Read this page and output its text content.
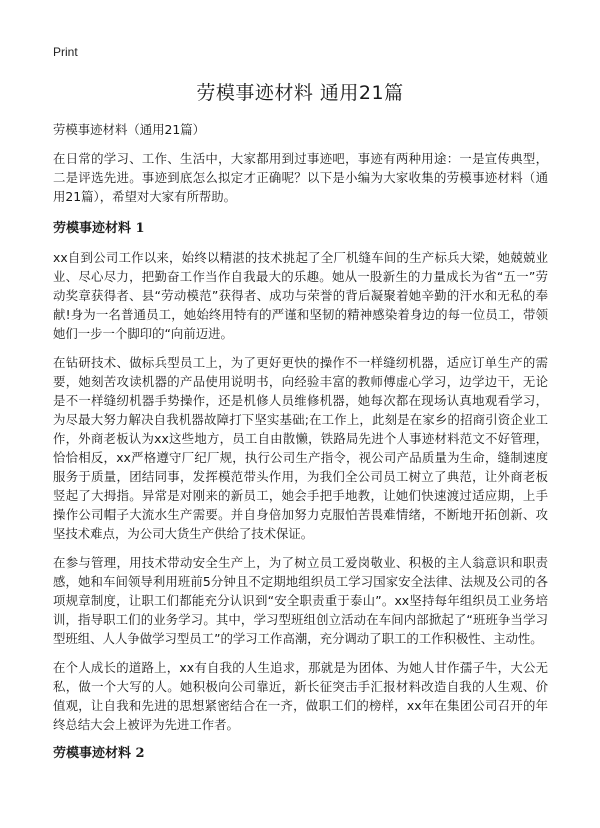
Print
劳模事迹材料 通用21篇

劳模事迹材料（通用21篇）

在日常的学习、工作、生活中，大家都用到过事迹吧，事迹有两种用途：一是宣传典型，二是评选先进。事迹到底怎么拟定才正确呢？以下是小编为大家收集的劳模事迹材料（通用21篇），希望对大家有所帮助。

劳模事迹材料 1

xx自到公司工作以来，始终以精湛的技术挑起了全厂机缝车间的生产标兵大梁，她兢兢业业、尽心尽力，把勤奋工作当作自我最大的乐趣。她从一股新生的力量成长为省“五一”劳动奖章获得者、县“劳动模范”获得者、成功与荣誉的背后凝聚着她辛勤的汗水和无私的奉献!身为一名普通员工，她始终用特有的严谨和坚韧的精神感染着身边的每一位员工，带领她们一步一个脚印的“向前迈进。

在钻研技术、做标兵型员工上，为了更好更快的操作不一样缝纫机器，适应订单生产的需要，她刻苦攻读机器的产品使用说明书，向经验丰富的教师傅虚心学习，边学边干，无论是不一样缝纫机器手势操作，还是机修人员维修机器，她每次都在现场认真地观看学习，为尽最大努力解决自我机器故障打下坚实基础;在工作上，此刻是在家乡的招商引资企业工作，外商老板认为xx这些地方，员工自由散懒，铁路局先进个人事迹材料范文不好管理，恰恰相反，xx严格遵守厂纪厂规，执行公司生产指令，视公司产品质量为生命，缝制速度服务于质量，团结同事，发挥模范带头作用，为我们全公司员工树立了典范，让外商老板竖起了大拇指。异常是对刚来的新员工，她会手把手地教，让她们快速渡过适应期，上手操作公司帽子大流水生产需要。并自身倍加努力克服怕苦畏难情绪，不断地开拓创新、攻坚技术难点，为公司大货生产供给了技术保证。

在参与管理，用技术带动安全生产上，为了树立员工爱岗敬业、积极的主人翁意识和职责感，她和车间领导利用班前5分钟且不定期地组织员工学习国家安全法律、法规及公司的各项规章制度，让职工们都能充分认识到“安全职责重于泰山”。xx坚持每年组织员工业务培训，指导职工们的业务学习。其中，学习型班组创立活动在车间内部掀起了“班班争当学习型班组、人人争做学习型员工”的学习工作高潮，充分调动了职工的工作积极性、主动性。

在个人成长的道路上，xx有自我的人生追求，那就是为团体、为她人甘作孺子牛，大公无私，做一个大写的人。她积极向公司靠近，新长征突击手汇报材料改造自我的人生观、价值观，让自我和先进的思想紧密结合在一齐，做职工们的榜样，xx年在集团公司召开的年终总结大会上被评为先进工作者。

劳模事迹材料 2
